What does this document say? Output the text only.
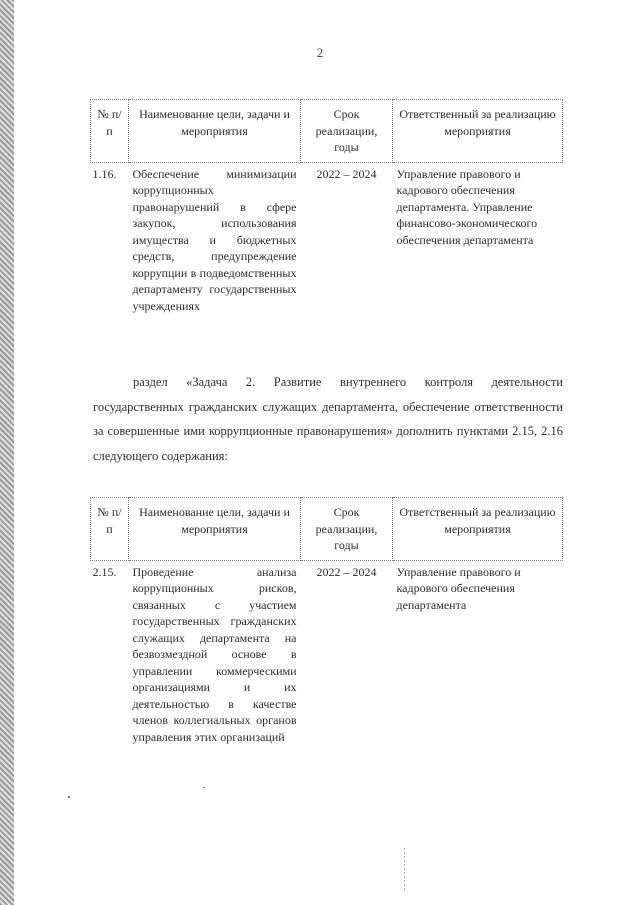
2
№ п/п	Наименование цели, задачи и мероприятия	Срок реализации, годы	Ответственный за реализацию мероприятия
1.16.	Обеспечение минимизации коррупционных правонарушений в сфере закупок, использования имущества и бюджетных средств, предупреждение коррупции в подведомственных департаменту государственных учреждениях	2022 – 2024	Управление правового и кадрового обеспечения департамента. Управление финансово-экономического обеспечения департамента
раздел «Задача 2. Развитие внутреннего контроля деятельности государственных гражданских служащих департамента, обеспечение ответственности за совершенные ими коррупционные правонарушения» дополнить пунктами 2.15, 2.16 следующего содержания:
№ п/п	Наименование цели, задачи и мероприятия	Срок реализации, годы	Ответственный за реализацию мероприятия
2.15.	Проведение анализа коррупционных рисков, связанных с участием государственных гражданских служащих департамента на безвозмездной основе в управлении коммерческими организациями и их деятельностью в качестве членов коллегиальных органов управления этих организаций	2022 – 2024	Управление правового и кадрового обеспечения департамента
